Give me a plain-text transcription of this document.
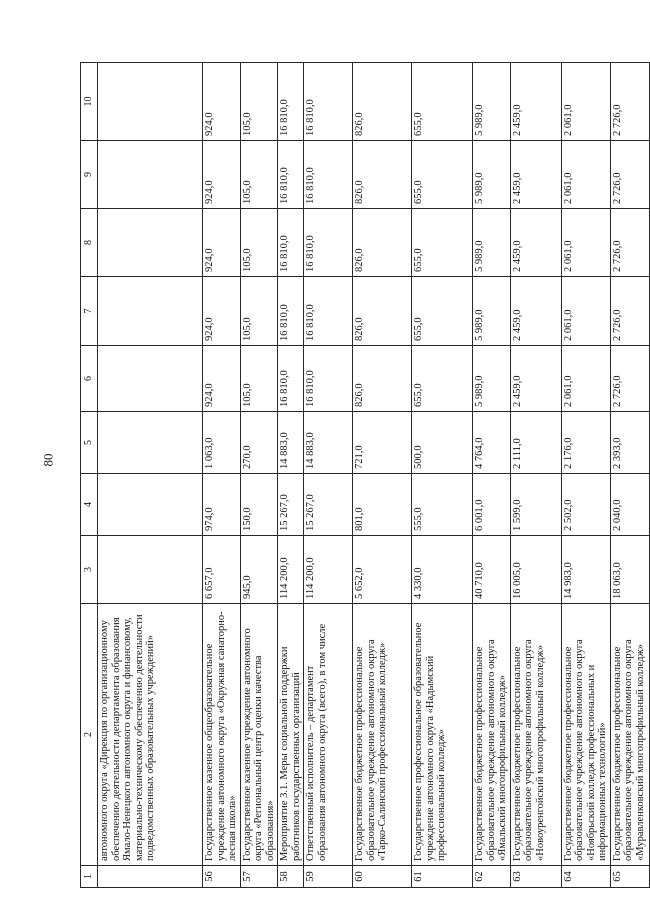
80
1	2	3	4	5	6	7	8	9	10
	автономного округа «Дирекция по организационному обеспечению деятельности департамента образования Ямало-Ненецкого автономного округа и финансовому, материально-техническому обеспечению деятельности подведомственных образовательных учреждений»								
56	Государственное казенное общеобразовательное учреждение автономного округа «Окружная санаторно-лесная школа»	6 657,0	974,0	1 063,0	924,0	924,0	924,0	924,0	924,0
57	Государственное казенное учреждение автономного округа «Региональный центр оценки качества образования»	945,0	150,0	270,0	105,0	105,0	105,0	105,0	105,0
58	Мероприятие 3.1. Меры социальной поддержки работников государственных организаций	114 200,0	15 267,0	14 883,0	16 810,0	16 810,0	16 810,0	16 810,0	16 810,0
59	Ответственный исполнитель – департамент образования автономного округа (всего), в том числе	114 200,0	15 267,0	14 883,0	16 810,0	16 810,0	16 810,0	16 810,0	16 810,0
60	Государственное бюджетное профессиональное образовательное учреждение автономного округа «Тарко-Салинский профессиональный колледж»	5 652,0	801,0	721,0	826,0	826,0	826,0	826,0	826,0
61	Государственное профессиональное образовательное учреждение автономного округа «Надымский профессиональный колледж»	4 330,0	555,0	500,0	655,0	655,0	655,0	655,0	655,0
62	Государственное бюджетное профессиональное образовательное учреждение автономного округа «Ямальский многопрофильный колледж»	40 710,0	6 001,0	4 764,0	5 989,0	5 989,0	5 989,0	5 989,0	5 989,0
63	Государственное бюджетное профессиональное образовательное учреждение автономного округа «Новоуренгойский многопрофильный колледж»	16 005,0	1 599,0	2 111,0	2 459,0	2 459,0	2 459,0	2 459,0	2 459,0
64	Государственное бюджетное профессиональное образовательное учреждение автономного округа «Ноябрьский колледж профессиональных и информационных технологий»	14 983,0	2 502,0	2 176,0	2 061,0	2 061,0	2 061,0	2 061,0	2 061,0
65	Государственное бюджетное профессиональное образовательное учреждение автономного округа «Муравленковский многопрофильный колледж»	18 063,0	2 040,0	2 393,0	2 726,0	2 726,0	2 726,0	2 726,0	2 726,0
